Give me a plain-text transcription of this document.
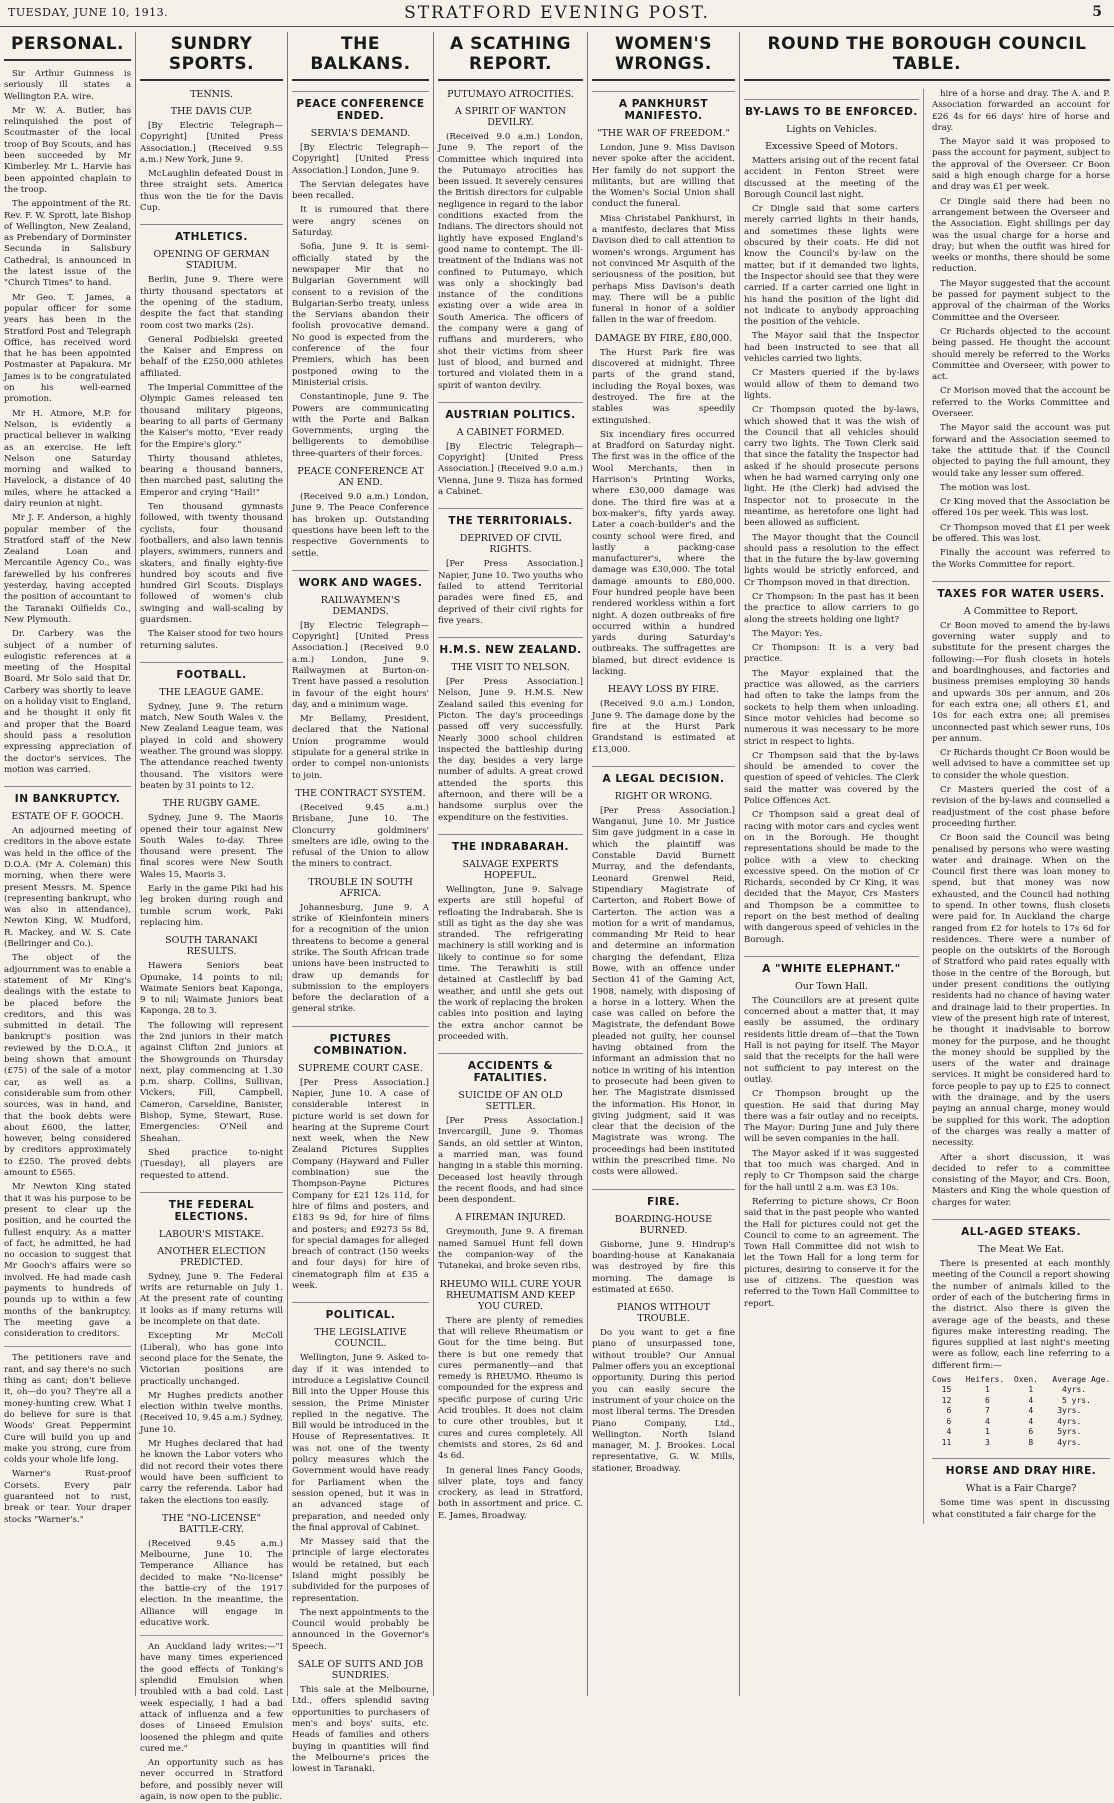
TUESDAY, JUNE 10, 1913.	STRATFORD EVENING POST.	5
PERSONAL.

Sir Arthur Guinness is seriously ill states a Wellington P.A. wire.

Mr W. A. Butler, has relinquished the post of Scoutmaster of the local troop of Boy Scouts, and has been succeeded by Mr Kimberley. Mr L. Harvie has been appointed chaplain to the troop.

The appointment of the Rt. Rev. F. W. Sprott, late Bishop of Wellington, New Zealand, as Prebendary of Dorminster Secunda in Salisbury Cathedral, is announced in the latest issue of the "Church Times" to hand.

Mr Geo. T. James, a popular officer for some years has been in the Stratford Post and Telegraph Office, has received word that he has been appointed Postmaster at Papakura. Mr James is to be congratulated on his well-earned promotion.

Mr H. Atmore, M.P. for Nelson, is evidently a practical believer in walking as an exercise. He left Nelson one Saturday morning and walked to Havelock, a distance of 40 miles, where he attacked a dairy reunion at night.

Mr J. F. Anderson, a highly popular member of the Stratford staff of the New Zealand Loan and Mercantile Agency Co., was farewelled by his confreres yesterday, having accepted the position of accountant to the Taranaki Oilfields Co., New Plymouth.

Dr. Carbery was the subject of a number of eulogistic references at a meeting of the Hospital Board. Mr Solo said that Dr. Carbery was shortly to leave on a holiday visit to England, and he thought it only fit and proper that the Board should pass a resolution expressing appreciation of the doctor's services. The motion was carried.

IN BANKRUPTCY.
ESTATE OF F. GOOCH.

An adjourned meeting of creditors in the above estate was held in the office of the D.O.A. (Mr A. Coleman) this morning, when there were present Messrs. M. Spence (representing bankrupt, who was also in attendance), Newton King, W. Mudford, R. Mackey, and W. S. Cate (Bellringer and Co.).

The object of the adjournment was to enable a statement of Mr King's dealings with the estate to be placed before the creditors, and this was submitted in detail. The bankrupt's position was reviewed by the D.O.A., it being shown that amount (£75) of the sale of a motor car, as well as a considerable sum from other sources, was in hand, and that the book debts were about £600, the latter, however, being considered by creditors approximately to £250. The proved debts amount to £565.

Mr Newton King stated that it was his purpose to be present to clear up the position, and he courted the fullest enquiry. As a matter of fact, he admitted, he had no occasion to suggest that Mr Gooch's affairs were so involved. He had made cash payments to hundreds of pounds up to within a few months of the bankruptcy. The meeting gave a consideration to creditors.

The petitioners rave and rant, and say there's no such thing as cant; don't believe it, oh—do you? They're all a money-hunting crew. What I do believe for sure is that Woods' Great Peppermint Cure will build you up and make you strong, cure from colds your whole life long.

Warner's Rust-proof Corsets. Every pair guaranteed not to rust, break or tear. Your draper stocks "Warner's."

SUNDRY SPORTS.
TENNIS.
THE DAVIS CUP.

[By Electric Telegraph—Copyright] [United Press Association.] (Received 9.55 a.m.) New York, June 9.

McLaughlin defeated Doust in three straight sets. America thus won the tie for the Davis Cup.

ATHLETICS.
OPENING OF GERMAN STADIUM.

Berlin, June 9. There were thirty thousand spectators at the opening of the stadium, despite the fact that standing room cost two marks (2s).

General Podbielski greeted the Kaiser and Empress on behalf of the £250,000 athletes affiliated.

The Imperial Committee of the Olympic Games released ten thousand military pigeons, bearing to all parts of Germany the Kaiser's motto, "Ever ready for the Empire's glory."

Thirty thousand athletes, bearing a thousand banners, then marched past, saluting the Emperor and crying "Hail!"

Ten thousand gymnasts followed, with twenty thousand cyclists, four thousand footballers, and also lawn tennis players, swimmers, runners and skaters, and finally eighty-five hundred boy scouts and five hundred Girl Scouts. Displays followed of women's club swinging and wall-scaling by guardsmen.

The Kaiser stood for two hours returning salutes.

FOOTBALL.
THE LEAGUE GAME.

Sydney, June 9. The return match, New South Wales v. the New Zealand League team, was played in cold and showery weather. The ground was sloppy. The attendance reached twenty thousand. The visitors were beaten by 31 points to 12.

THE RUGBY GAME.

Sydney, June 9. The Maoris opened their tour against New South Wales to-day. Three thousand were present. The final scores were New South Wales 15, Maoris 3.

Early in the game Piki had his leg broken during rough and tumble scrum work, Paki replacing him.

SOUTH TARANAKI RESULTS.

Hawera Seniors beat Opunake, 14 points to nil; Waimate Seniors beat Kaponga, 9 to nil; Waimate Juniors beat Kaponga, 28 to 3.

The following will represent the 2nd juniors in their match against Clifton 2nd juniors at the Showgrounds on Thursday next, play commencing at 1.30 p.m. sharp. Collins, Sullivan, Vickers, Fill, Campbell, Cameron, Carseldine, Banister, Bishop, Syme, Stewart, Ruse. Emergencies: O'Neil and Sheahan.

Shed practice to-night (Tuesday), all players are requested to attend.

THE FEDERAL ELECTIONS.
LABOUR'S MISTAKE.
ANOTHER ELECTION PREDICTED.

Sydney, June 9. The Federal writs are returnable on July 1. At the present rate of counting it looks as if many returns will be incomplete on that date.

Excepting Mr McColl (Liberal), who has gone into second place for the Senate, the Victorian positions are practically unchanged.

Mr Hughes predicts another election within twelve months. (Received 10, 9.45 a.m.) Sydney, June 10.

Mr Hughes declared that had he known the Labor voters who did not record their votes there would have been sufficient to carry the referenda. Labor had taken the elections too easily.

THE "NO-LICENSE" BATTLE-CRY.

(Received 9.45 a.m.) Melbourne, June 10. The Temperance Alliance has decided to make "No-license" the battle-cry of the 1917 election. In the meantime, the Alliance will engage in educative work.

An Auckland lady writes:—"I have many times experienced the good effects of Tonking's splendid Emulsion when troubled with a bad cold. Last week especially, I had a bad attack of influenza and a few doses of Linseed Emulsion loosened the phlegm and quite cured me."

An opportunity such as has never occurred in Stratford before, and possibly never will again, is now open to the public.

THE BALKANS.
PEACE CONFERENCE ENDED.
SERVIA'S DEMAND.

[By Electric Telegraph—Copyright] [United Press Association.] London, June 9.

The Servian delegates have been recalled.

It is rumoured that there were angry scenes on Saturday.

Sofia, June 9. It is semi-officially stated by the newspaper Mir that no Bulgarian Government will consent to a revision of the Bulgarian-Serbo treaty, unless the Servians abandon their foolish provocative demand. No good is expected from the conference of the four Premiers, which has been postponed owing to the Ministerial crisis.

Constantinople, June 9. The Powers are communicating with the Porte and Balkan Governments, urging the belligerents to demobilise three-quarters of their forces.

PEACE CONFERENCE AT AN END.

(Received 9.0 a.m.) London, June 9. The Peace Conference has broken up. Outstanding questions have been left to the respective Governments to settle.

WORK AND WAGES.
RAILWAYMEN'S DEMANDS.

[By Electric Telegraph—Copyright] [United Press Association.] (Received 9.0 a.m.) London, June 9. Railwaymen at Burton-on-Trent have passed a resolution in favour of the eight hours' day, and a minimum wage.

Mr Bellamy, President, declared that the National Union programme would stipulate for a general strike in order to compel non-unionists to join.

THE CONTRACT SYSTEM.

(Received 9.45 a.m.) Brisbane, June 10. The Cloncurry goldminers' smelters are idle, owing to the refusal of the Union to allow the miners to contract.

TROUBLE IN SOUTH AFRICA.

Johannesburg, June 9. A strike of Kleinfontein miners for a recognition of the union threatens to become a general strike. The South African trade unions have been instructed to draw up demands for submission to the employers before the declaration of a general strike.

PICTURES COMBINATION.
SUPREME COURT CASE.

[Per Press Association.] Napier, June 10. A case of considerable interest in picture world is set down for hearing at the Supreme Court next week, when the New Zealand Pictures Supplies Company (Hayward and Fuller combination) sue the Thompson-Payne Pictures Company for £21 12s 11d, for hire of films and posters, and £183 9s 9d, for hire of films and posters; and £9273 5s 8d, for special damages for alleged breach of contract (150 weeks and four days) for hire of cinematograph film at £35 a week.

POLITICAL.
THE LEGISLATIVE COUNCIL.

Wellington, June 9. Asked to-day if it was intended to introduce a Legislative Council Bill into the Upper House this session, the Prime Minister replied in the negative. The Bill would be introduced in the House of Representatives. It was not one of the twenty policy measures which the Government would have ready for Parliament when the session opened, but it was in an advanced stage of preparation, and needed only the final approval of Cabinet.

Mr Massey said that the principle of large electorates would be retained, but each Island might possibly be subdivided for the purposes of representation.

The next appointments to the Council would probably be announced in the Governor's Speech.

SALE OF SUITS AND JOB SUNDRIES.

This sale at the Melbourne, Ltd., offers splendid saving opportunities to purchasers of men's and boys' suits, etc. Heads of families and others buying in quantities will find the Melbourne's prices the lowest in Taranaki.

A SCATHING REPORT.
PUTUMAYO ATROCITIES.
A SPIRIT OF WANTON DEVILRY.

(Received 9.0 a.m.) London, June 9. The report of the Committee which inquired into the Putumayo atrocities has been issued. It severely censures the British directors for culpable negligence in regard to the labor conditions exacted from the Indians. The directors should not lightly have exposed England's good name to contempt. The ill-treatment of the Indians was not confined to Putumayo, which was only a shockingly bad instance of the conditions existing over a wide area in South America. The officers of the company were a gang of ruffians and murderers, who shot their victims from sheer lust of blood, and burned and tortured and violated them in a spirit of wanton devilry.

AUSTRIAN POLITICS.
A CABINET FORMED.

[By Electric Telegraph—Copyright] [United Press Association.] (Received 9.0 a.m.) Vienna, June 9. Tisza has formed a Cabinet.

THE TERRITORIALS.
DEPRIVED OF CIVIL RIGHTS.

[Per Press Association.] Napier, June 10. Two youths who failed to attend Territorial parades were fined £5, and deprived of their civil rights for five years.

H.M.S. NEW ZEALAND.
THE VISIT TO NELSON.

[Per Press Association.] Nelson, June 9. H.M.S. New Zealand sailed this evening for Picton. The day's proceedings passed off very successfully. Nearly 3000 school children inspected the battleship during the day, besides a very large number of adults. A great crowd attended the sports this afternoon, and there will be a handsome surplus over the expenditure on the festivities.

THE INDRABARAH.
SALVAGE EXPERTS HOPEFUL.

Wellington, June 9. Salvage experts are still hopeful of refloating the Indrabarah. She is still as tight as the day she was stranded. The refrigerating machinery is still working and is likely to continue so for some time. The Terawhiti is still detained at Castlecliff by bad weather, and until she gets out the work of replacing the broken cables into position and laying the extra anchor cannot be proceeded with.

ACCIDENTS & FATALITIES.
SUICIDE OF AN OLD SETTLER.

[Per Press Association.] Invercargill, June 9. Thomas Sands, an old settler at Winton, a married man, was found hanging in a stable this morning. Deceased lost heavily through the recent floods, and had since been despondent.

A FIREMAN INJURED.

Greymouth, June 9. A fireman named Samuel Hunt fell down the companion-way of the Tutanekai, and broke seven ribs.

RHEUMO WILL CURE YOUR RHEUMATISM AND KEEP YOU CURED.

There are plenty of remedies that will relieve Rheumatism or Gout for the time being. But there is but one remedy that cures permanently—and that remedy is RHEUMO. Rheumo is compounded for the express and specific purpose of curing Uric Acid troubles. It does not claim to cure other troubles, but it cures and cures completely. All chemists and stores, 2s 6d and 4s 6d.

In general lines Fancy Goods, silver plate, toys and fancy crockery, as lead in Stratford, both in assortment and price. C. E. James, Broadway.

WOMEN'S WRONGS.
A PANKHURST MANIFESTO.
"THE WAR OF FREEDOM."

London, June 9. Miss Davison never spoke after the accident. Her family do not support the militants, but are willing that the Women's Social Union shall conduct the funeral.

Miss Christabel Pankhurst, in a manifesto, declares that Miss Davison died to call attention to women's wrongs. Argument has not convinced Mr Asquith of the seriousness of the position, but perhaps Miss Davison's death may. There will be a public funeral in honor of a soldier fallen in the war of freedom.

DAMAGE BY FIRE, £80,000.

The Hurst Park fire was discovered at midnight. Three parts of the grand stand, including the Royal boxes, was destroyed. The fire at the stables was speedily extinguished.

Six incendiary fires occurred at Bradford on Saturday night. The first was in the office of the Wool Merchants, then in Harrison's Printing Works, where £30,000 damage was done. The third fire was at a box-maker's, fifty yards away. Later a coach-builder's and the county school were fired, and lastly a packing-case manufacturer's, where the damage was £30,000. The total damage amounts to £80,000. Four hundred people have been rendered workless within a fort night. A dozen outbreaks of fire occurred within a hundred yards during Saturday's outbreaks. The suffragettes are blamed, but direct evidence is lacking.

HEAVY LOSS BY FIRE.

(Received 9.0 a.m.) London, June 9. The damage done by the fire at the Hurst Park Grandstand is estimated at £13,000.

A LEGAL DECISION.
RIGHT OR WRONG.

[Per Press Association.] Wanganui, June 10. Mr Justice Sim gave judgment in a case in which the plaintiff was Constable David Burnett Murray, and the defendants, Leonard Grenwel Reid, Stipendiary Magistrate of Carterton, and Robert Bowe of Carterton. The action was a motion for a writ of mandamus, commanding Mr Reid to hear and determine an information charging the defendant, Eliza Bowe, with an offence under Section 41 of the Gaming Act, 1908, namely, with disposing of a horse in a lottery. When the case was called on before the Magistrate, the defendant Bowe pleaded not guilty, her counsel having obtained from the informant an admission that no notice in writing of his intention to prosecute had been given to her. The Magistrate dismissed the information. His Honor, in giving judgment, said it was clear that the decision of the Magistrate was wrong. The proceedings had been instituted within the prescribed time. No costs were allowed.

FIRE.
BOARDING-HOUSE BURNED.

Gisborne, June 9. Hindrup's boarding-house at Kanakanaia was destroyed by fire this morning. The damage is estimated at £650.

PIANOS WITHOUT TROUBLE.

Do you want to get a fine piano of unsurpassed tone, without trouble? Our Annual Palmer offers you an exceptional opportunity. During this period you can easily secure the instrument of your choice on the most liberal terms. The Dresden Piano Company, Ltd., Wellington. North Island manager, M. J. Brookes. Local representative, G. W. Mills, stationer, Broadway.

ROUND THE BOROUGH COUNCIL TABLE.
BY-LAWS TO BE ENFORCED.
Lights on Vehicles.
Excessive Speed of Motors.

Matters arising out of the recent fatal accident in Fenton Street were discussed at the meeting of the Borough Council last night.

Cr Dingle said that some carters merely carried lights in their hands, and sometimes these lights were obscured by their coats. He did not know the Council's by-law on the matter, but if it demanded two lights, the Inspector should see that they were carried. If a carter carried one light in his hand the position of the light did not indicate to anybody approaching the position of the vehicle.

The Mayor said that the Inspector had been instructed to see that all vehicles carried two lights.

Cr Masters queried if the by-laws would allow of them to demand two lights.

Cr Thompson quoted the by-laws, which showed that it was the wish of the Council that all vehicles should carry two lights. The Town Clerk said that since the fatality the Inspector had asked if he should prosecute persons when he had warned carrying only one light. He (the Clerk) had advised the Inspector not to prosecute in the meantime, as heretofore one light had been allowed as sufficient.

The Mayor thought that the Council should pass a resolution to the effect that in the future the by-law governing lights would be strictly enforced, and Cr Thompson moved in that direction.

Cr Thompson: In the past has it been the practice to allow carriers to go along the streets holding one light?

The Mayor: Yes.

Cr Thompson: It is a very bad practice.

The Mayor explained that the practice was allowed, as the carriers had often to take the lamps from the sockets to help them when unloading. Since motor vehicles had become so numerous it was necessary to be more strict in respect to lights.

Cr Thompson said that the by-laws should be amended to cover the question of speed of vehicles. The Clerk said the matter was covered by the Police Offences Act.

Cr Thompson said a great deal of racing with motor cars and cycles went on in the Borough. He thought representations should be made to the police with a view to checking excessive speed. On the motion of Cr Richards, seconded by Cr King, it was decided that the Mayor, Crs Masters and Thompson be a committee to report on the best method of dealing with dangerous speed of vehicles in the Borough.

A "WHITE ELEPHANT."
Our Town Hall.

The Councillors are at present quite concerned about a matter that, it may easily be assumed, the ordinary residents little dream of—that the Town Hall is not paying for itself. The Mayor said that the receipts for the hall were not sufficient to pay interest on the outlay.

Cr Thompson brought up the question. He said that during May there was a fair outlay and no receipts. The Mayor: During June and July there will be seven companies in the hall.

The Mayor asked if it was suggested that too much was charged. And in reply to Cr Thompson said the charge for the hall until 2 a.m. was £3 10s.

Referring to picture shows, Cr Boon said that in the past people who wanted the Hall for pictures could not get the Council to come to an agreement. The Town Hall Committee did not wish to let the Town Hall for a long term for pictures, desiring to conserve it for the use of citizens. The question was referred to the Town Hall Committee to report.

hire of a horse and dray. The A. and P. Association forwarded an account for £26 4s for 66 days' hire of horse and dray.

The Mayor said it was proposed to pass the account for payment, subject to the approval of the Overseer. Cr Boon said a high enough charge for a horse and dray was £1 per week.

Cr Dingle said there had been no arrangement between the Overseer and the Association. Eight shillings per day was the usual charge for a horse and dray; but when the outfit was hired for weeks or months, there should be some reduction.

The Mayor suggested that the account be passed for payment subject to the approval of the chairman of the Works Committee and the Overseer.

Cr Richards objected to the account being passed. He thought the account should merely be referred to the Works Committee and Overseer, with power to act.

Cr Morison moved that the account be referred to the Works Committee and Overseer.

The Mayor said the account was put forward and the Association seemed to take the attitude that if the Council objected to paying the full amount, they would take any lesser sum offered.

The motion was lost.

Cr King moved that the Association be offered 10s per week. This was lost.

Cr Thompson moved that £1 per week be offered. This was lost.

Finally the account was referred to the Works Committee for report.

TAXES FOR WATER USERS.
A Committee to Report.

Cr Boon moved to amend the by-laws governing water supply and to substitute for the present charges the following:—For flush closets in hotels and boardinghouses, and factories and business premises employing 30 hands and upwards 30s per annum, and 20s for each extra one; all others £1, and 10s for each extra one; all premises unconnected past which sewer runs, 10s per annum.

Cr Richards thought Cr Boon would be well advised to have a committee set up to consider the whole question.

Cr Masters queried the cost of a revision of the by-laws and counselled a readjustment of the cost phase before proceeding further.

Cr Boon said the Council was being penalised by persons who were wasting water and drainage. When on the Council first there was loan money to spend, but that money was now exhausted, and the Council had nothing to spend. In other towns, flush closets were paid for. In Auckland the charge ranged from £2 for hotels to 17s 6d for residences. There were a number of people on the outskirts of the Borough of Stratford who paid rates equally with those in the centre of the Borough, but under present conditions the outlying residents had no chance of having water and drainage laid to their properties. In view of the present high rate of interest, he thought it inadvisable to borrow money for the purpose, and he thought the money should be supplied by the users of the water and drainage services. It might be considered hard to force people to pay up to £25 to connect with the drainage, and by the users paying an annual charge, money would be supplied for this work. The adoption of the charges was really a matter of necessity.

After a short discussion, it was decided to refer to a committee consisting of the Mayor, and Crs. Boon, Masters and King the whole question of charges for water.

ALL-AGED STEAKS.
The Meat We Eat.

There is presented at each monthly meeting of the Council a report showing the number of animals killed to the order of each of the butchering firms in the district. Also there is given the average age of the beasts, and these figures make interesting reading. The figures supplied at last night's meeting were as follow, each line referring to a different firm:—

Cows   Heifers.  Oxen.   Average Age.
15       1        1      4yrs.
12       6        4      5 yrs.
6       7        4     3yrs.
6       4        4     4yrs.
4       1        6     5yrs.
11       3        8     4yrs.
HORSE AND DRAY HIRE.
What is a Fair Charge?

Some time was spent in discussing what constituted a fair charge for the
